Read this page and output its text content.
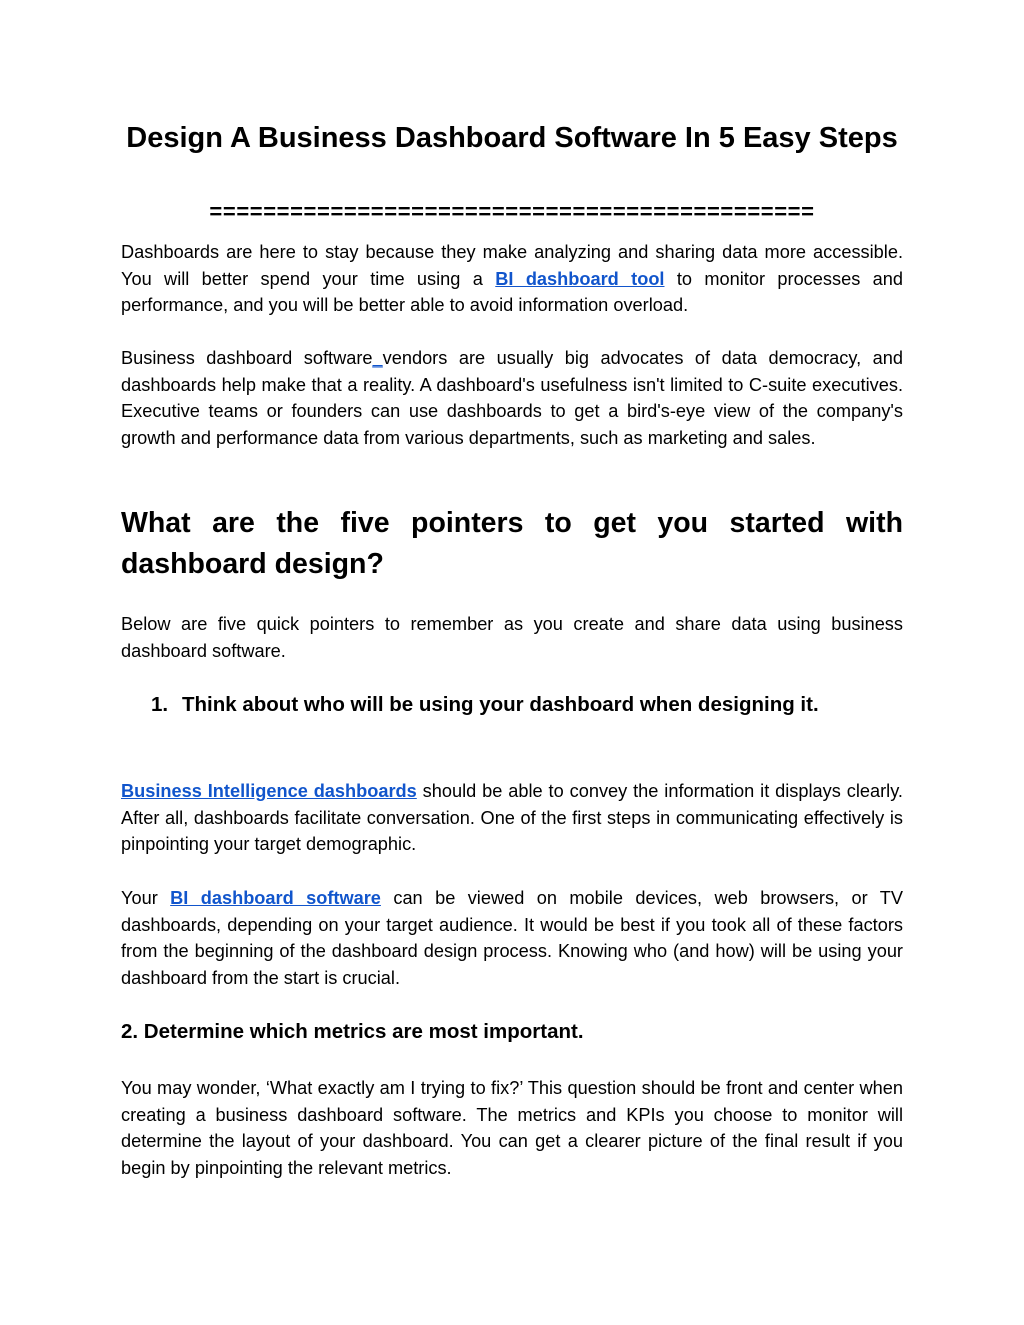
Design A Business Dashboard Software In 5 Easy Steps
=============================================

Dashboards are here to stay because they make analyzing and sharing data more accessible. You will better spend your time using a BI dashboard tool to monitor processes and performance, and you will be better able to avoid information overload.

Business dashboard software_vendors are usually big advocates of data democracy, and dashboards help make that a reality. A dashboard's usefulness isn't limited to C-suite executives. Executive teams or founders can use dashboards to get a bird's-eye view of the company's growth and performance data from various departments, such as marketing and sales.

What are the five pointers to get you started with dashboard design?

Below are five quick pointers to remember as you create and share data using business dashboard software.

1. Think about who will be using your dashboard when designing it.

Business Intelligence dashboards should be able to convey the information it displays clearly. After all, dashboards facilitate conversation. One of the first steps in communicating effectively is pinpointing your target demographic.

Your BI dashboard software can be viewed on mobile devices, web browsers, or TV dashboards, depending on your target audience. It would be best if you took all of these factors from the beginning of the dashboard design process. Knowing who (and how) will be using your dashboard from the start is crucial.

2. Determine which metrics are most important.

You may wonder, ‘What exactly am I trying to fix?’ This question should be front and center when creating a business dashboard software. The metrics and KPIs you choose to monitor will determine the layout of your dashboard. You can get a clearer picture of the final result if you begin by pinpointing the relevant metrics.
